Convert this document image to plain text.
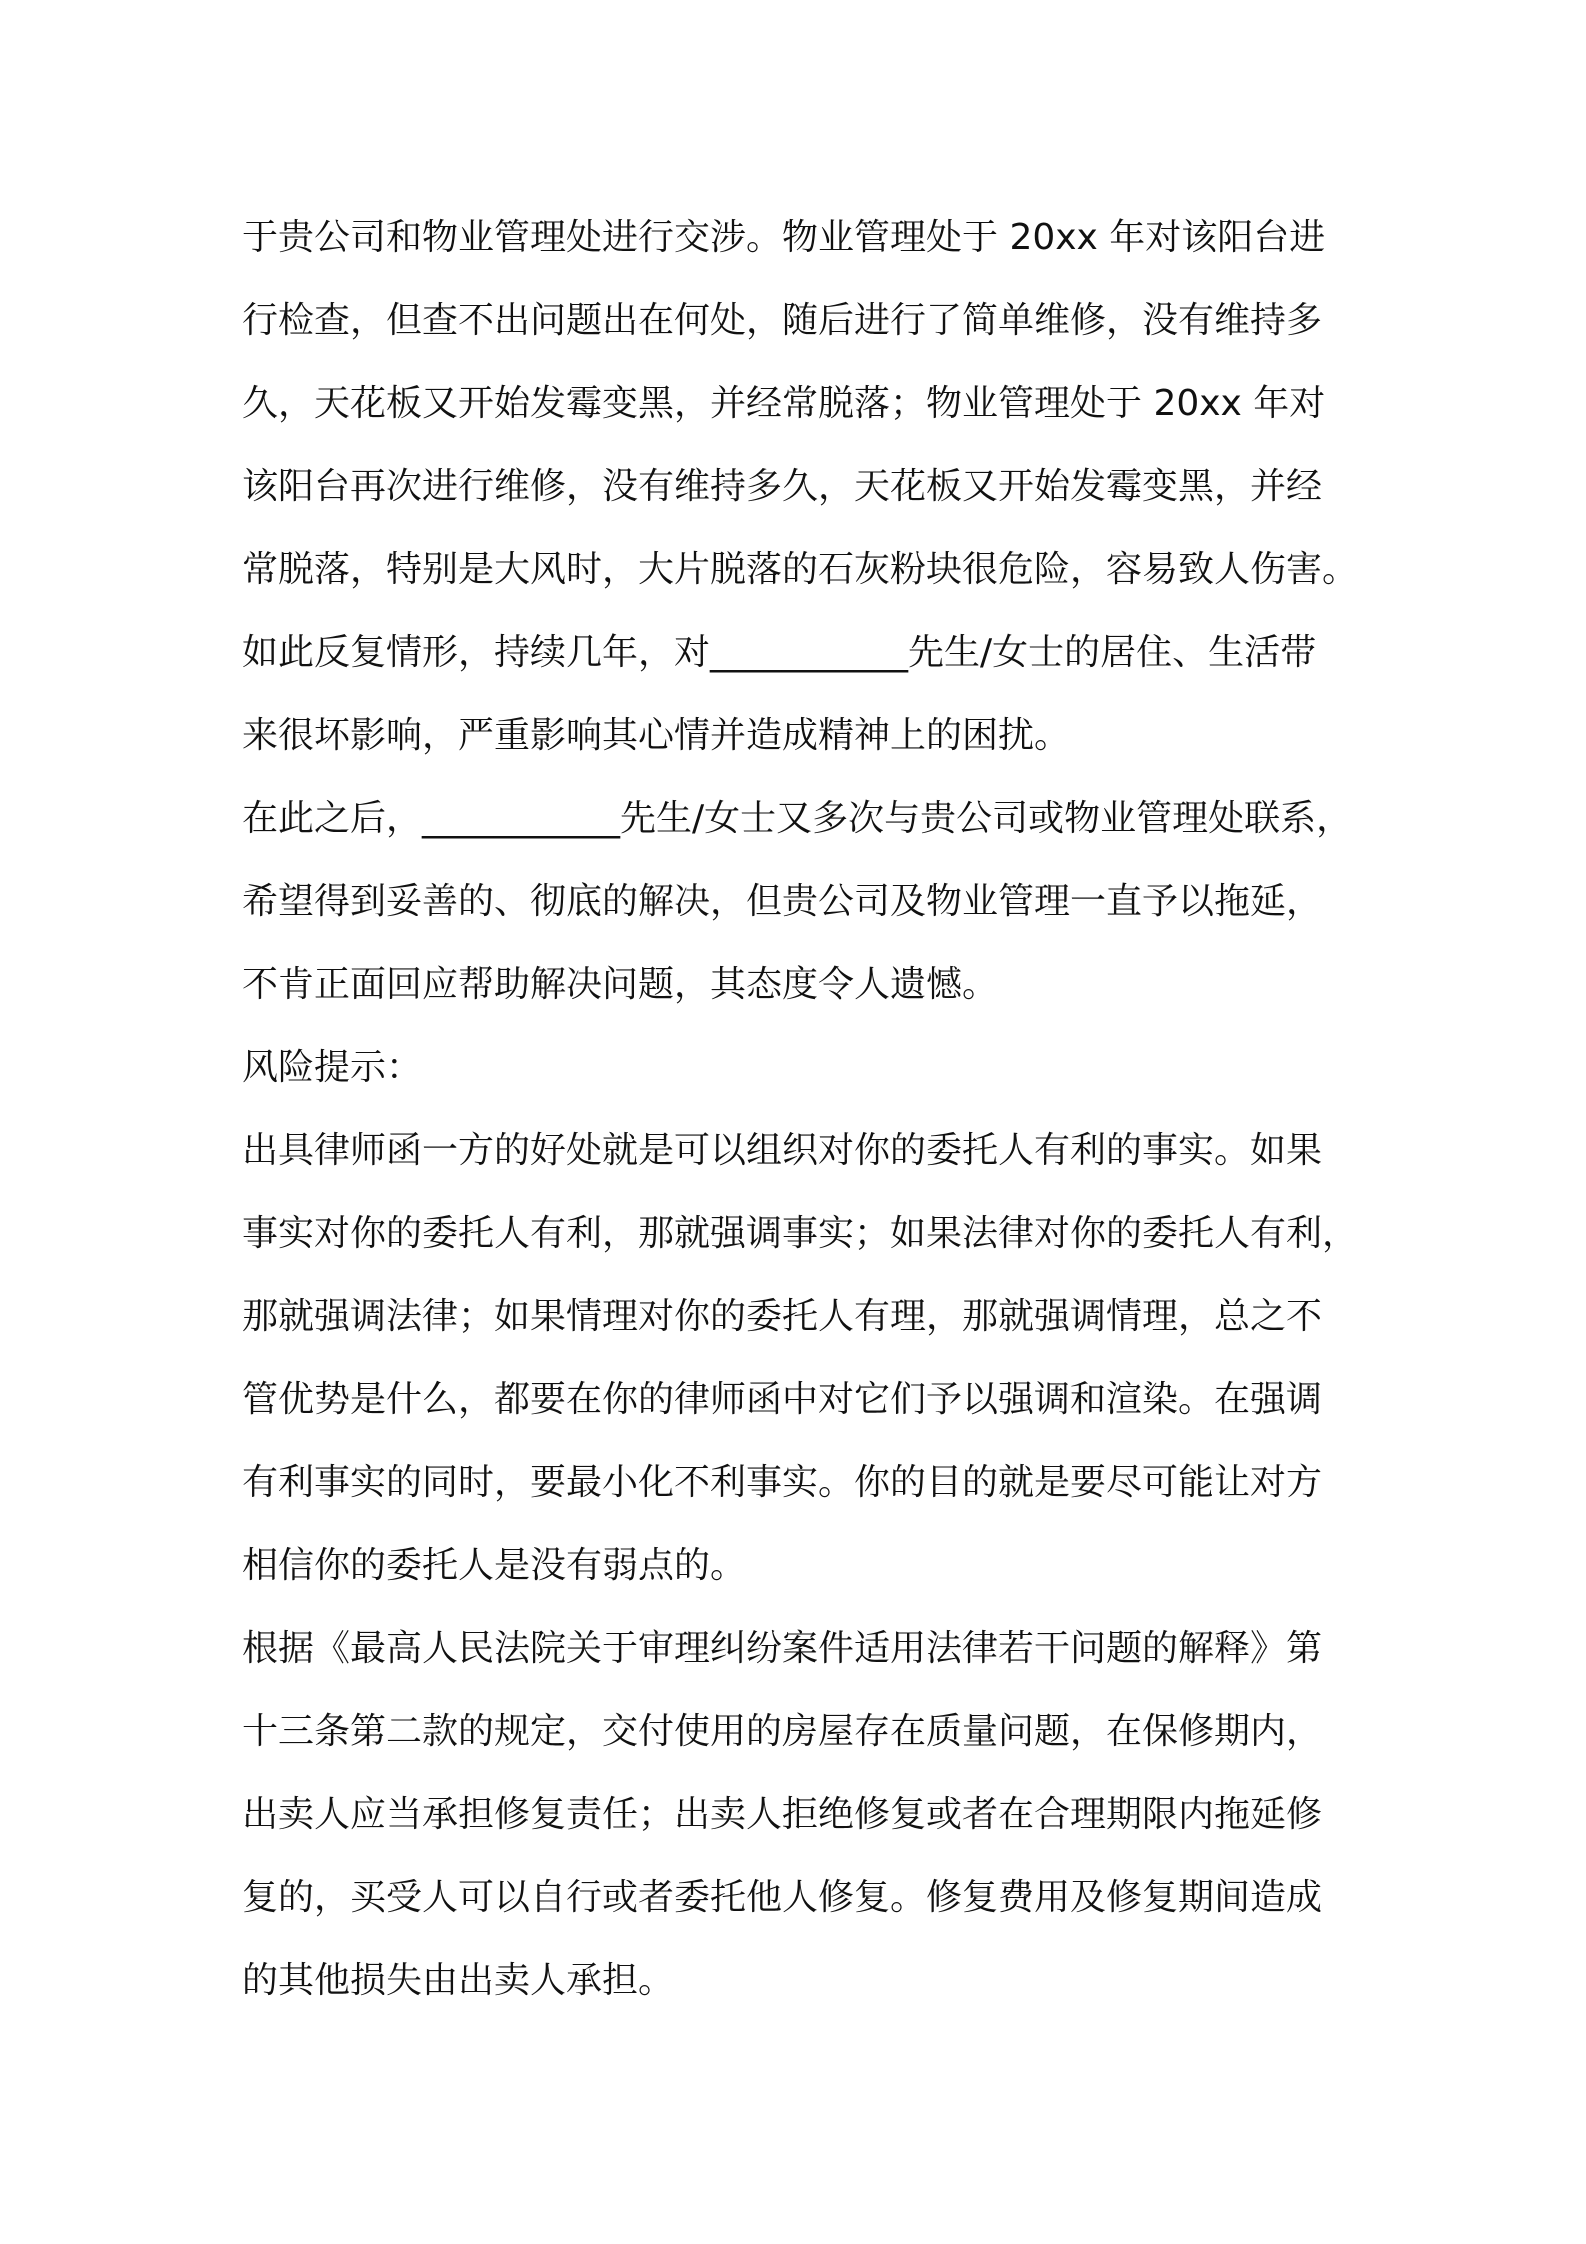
于贵公司和物业管理处进行交涉。物业管理处于 20xx 年对该阳台进
行检查，但查不出问题出在何处，随后进行了简单维修，没有维持多
久，天花板又开始发霉变黑，并经常脱落；物业管理处于 20xx 年对
该阳台再次进行维修，没有维持多久，天花板又开始发霉变黑，并经
常脱落，特别是大风时，大片脱落的石灰粉块很危险，容易致人伤害。
如此反复情形，持续几年，对___________先生/女士的居住、生活带
来很坏影响，严重影响其心情并造成精神上的困扰。
在此之后，___________先生/女士又多次与贵公司或物业管理处联系，
希望得到妥善的、彻底的解决，但贵公司及物业管理一直予以拖延，
不肯正面回应帮助解决问题，其态度令人遗憾。
风险提示：
出具律师函一方的好处就是可以组织对你的委托人有利的事实。如果
事实对你的委托人有利，那就强调事实；如果法律对你的委托人有利，
那就强调法律；如果情理对你的委托人有理，那就强调情理，总之不
管优势是什么，都要在你的律师函中对它们予以强调和渲染。在强调
有利事实的同时，要最小化不利事实。你的目的就是要尽可能让对方
相信你的委托人是没有弱点的。
根据《最高人民法院关于审理纠纷案件适用法律若干问题的解释》第
十三条第二款的规定，交付使用的房屋存在质量问题，在保修期内，
出卖人应当承担修复责任；出卖人拒绝修复或者在合理期限内拖延修
复的，买受人可以自行或者委托他人修复。修复费用及修复期间造成
的其他损失由出卖人承担。
